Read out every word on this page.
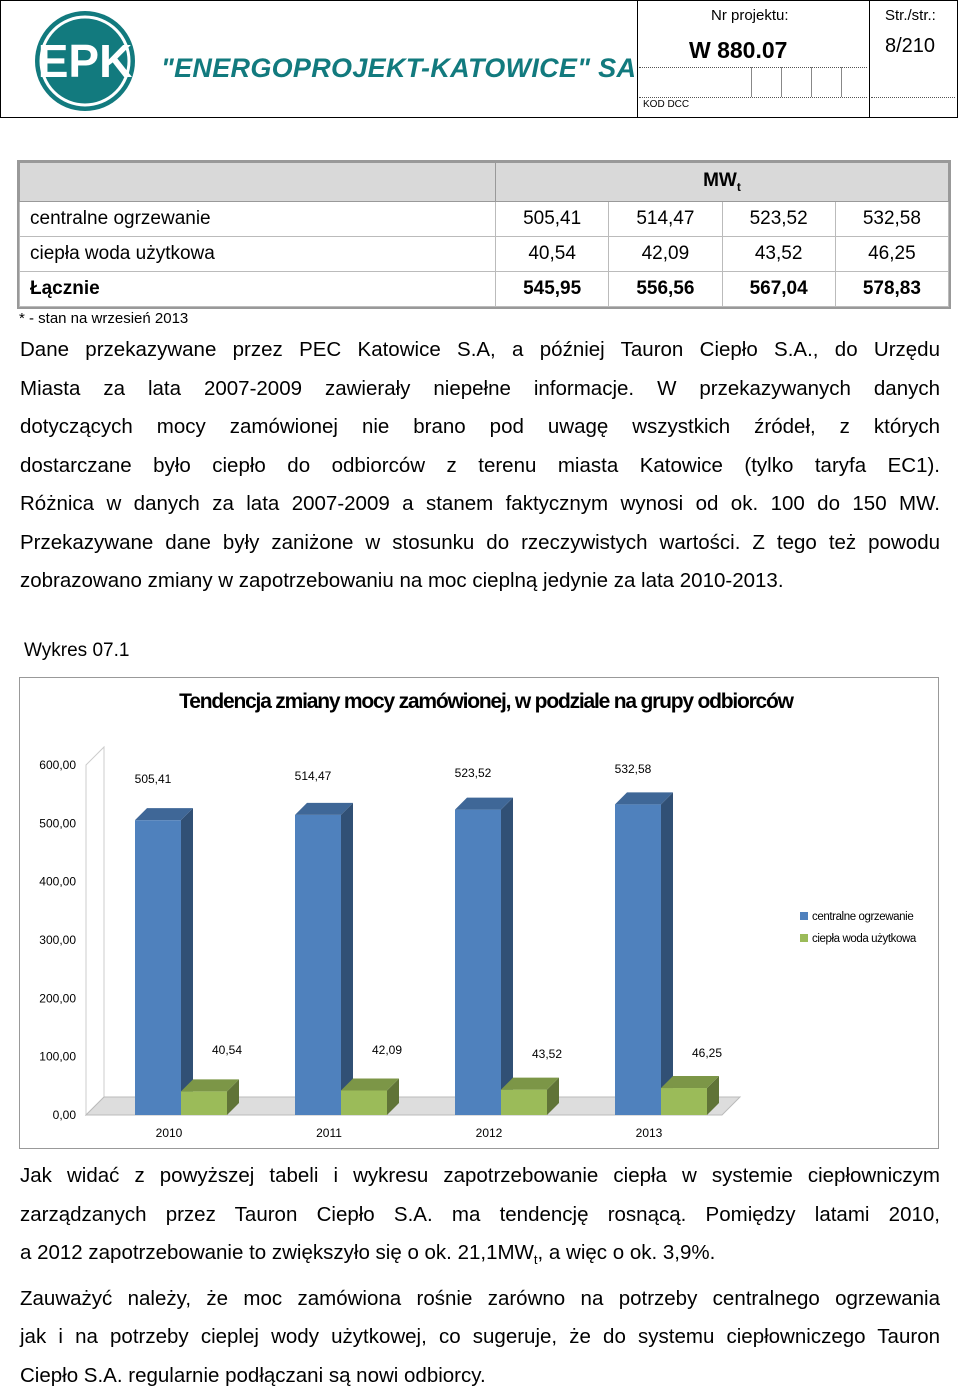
EPK "ENERGOPROJEKT-KATOWICE" SA
Nr projektu:
W 880.07
KOD DCC
Str./str.:
8/210
	$MW_t$
centralne ogrzewanie	505,41	514,47	523,52	532,58
ciepła woda użytkowa	40,54	42,09	43,52	46,25
Łącznie	545,95	556,56	567,04	578,83
* - stan na wrzesień 2013
Dane przekazywane przez PEC Katowice S.A, a później Tauron Ciepło S.A., do Urzędu
Miasta za lata 2007-2009 zawierały niepełne informacje. W przekazywanych danych
dotyczących mocy zamówionej nie brano pod uwagę wszystkich źródeł, z których
dostarczane było ciepło do odbiorców z terenu miasta Katowice (tylko taryfa EC1).
Różnica w danych za lata 2007-2009 a stanem faktycznym wynosi od ok. 100 do 150 MW.
Przekazywane dane były zaniżone w stosunku do rzeczywistych wartości. Z tego też powodu
zobrazowano zmiany w zapotrzebowaniu na moc cieplną jedynie za lata 2010-2013.
Wykres 07.1
Tendencja zmiany mocy zamówionej, w podziale na grupy odbiorców
0,00
100,00
200,00
300,00
400,00
500,00
600,00
2010
505,41
40,54
2011
514,47
42,09
2012
523,52
43,52
2013
532,58
46,25
centralne ogrzewanie
ciepła woda użytkowa
Jak widać z powyższej tabeli i wykresu zapotrzebowanie ciepła w systemie ciepłowniczym
zarządzanych przez Tauron Ciepło S.A. ma tendencję rosnącą. Pomiędzy latami 2010,
a 2012 zapotrzebowanie to zwiększyło się o ok. $21,1MW_t$, a więc o ok. 3,9%.
Zauważyć należy, że moc zamówiona rośnie zarówno na potrzeby centralnego ogrzewania
jak i na potrzeby cieplej wody użytkowej, co sugeruje, że do systemu ciepłowniczego Tauron
Ciepło S.A. regularnie podłączani są nowi odbiorcy.
